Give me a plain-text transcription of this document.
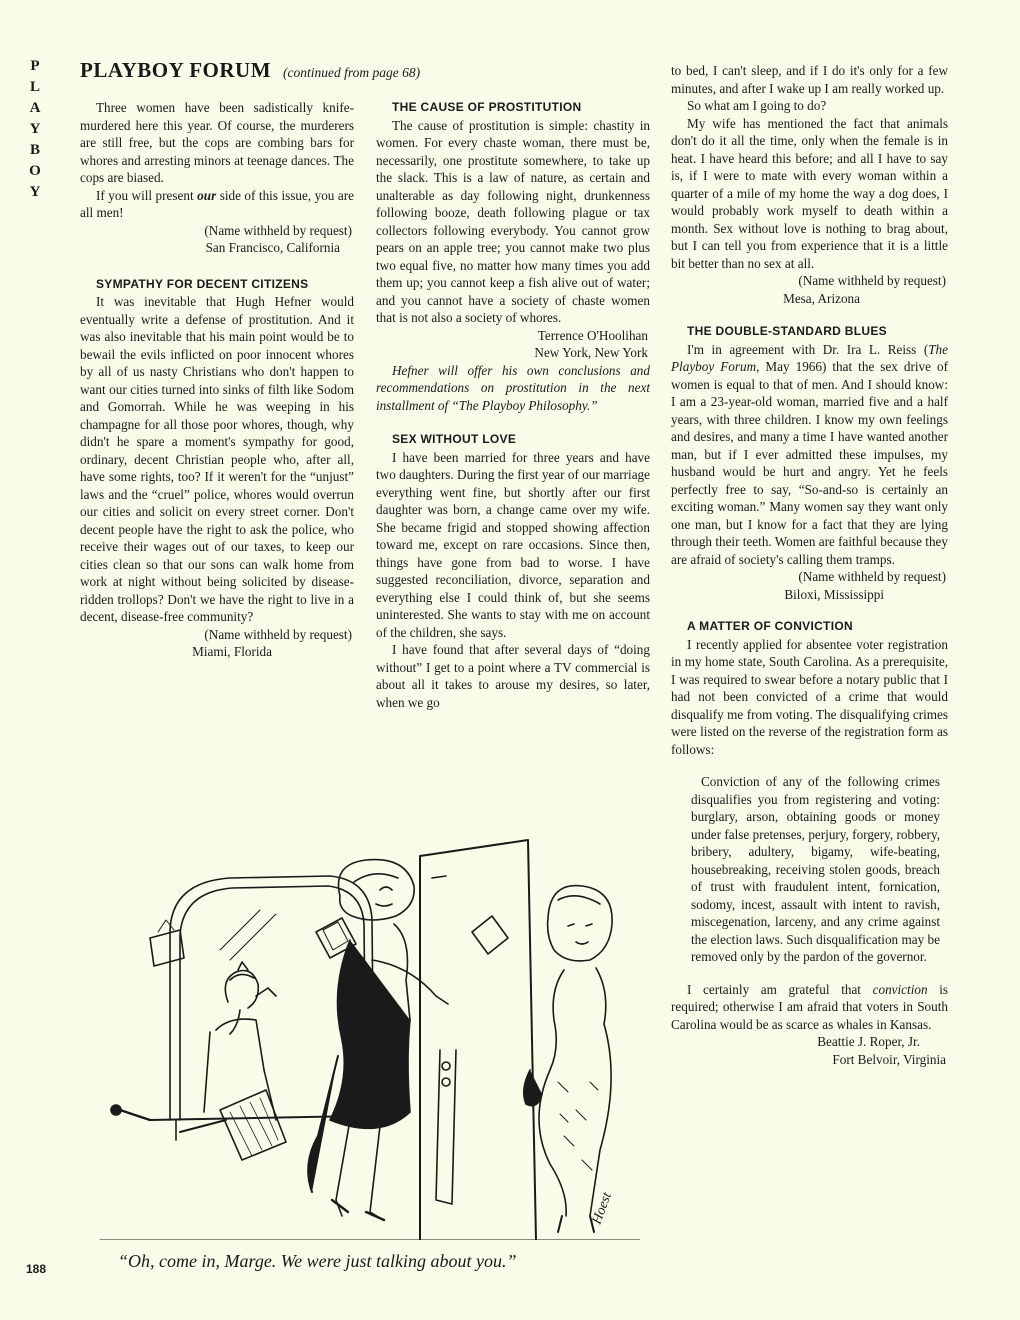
P
L
A
Y
B
O
Y
PLAYBOY FORUM (continued from page 68)

Three women have been sadistically knife-murdered here this year. Of course, the murderers are still free, but the cops are combing bars for whores and arresting minors at teenage dances. The cops are biased.

If you will present our side of this issue, you are all men!

(Name withheld by request)

San Francisco, California

SYMPATHY FOR DECENT CITIZENS

It was inevitable that Hugh Hefner would eventually write a defense of prostitution. And it was also inevitable that his main point would be to bewail the evils inflicted on poor innocent whores by all of us nasty Christians who don't happen to want our cities turned into sinks of filth like Sodom and Gomorrah. While he was weeping in his champagne for all those poor whores, though, why didn't he spare a moment's sympathy for good, ordinary, decent Christian people who, after all, have some rights, too? If it weren't for the “unjust” laws and the “cruel” police, whores would overrun our cities and solicit on every street corner. Don't decent people have the right to ask the police, who receive their wages out of our taxes, to keep our cities clean so that our sons can walk home from work at night without being solicited by disease-ridden trollops? Don't we have the right to live in a decent, disease-free community?

(Name withheld by request)

Miami, Florida

THE CAUSE OF PROSTITUTION

The cause of prostitution is simple: chastity in women. For every chaste woman, there must be, necessarily, one prostitute somewhere, to take up the slack. This is a law of nature, as certain and unalterable as day following night, drunkenness following booze, death following plague or tax collectors following everybody. You cannot grow pears on an apple tree; you cannot make two plus two equal five, no matter how many times you add them up; you cannot keep a fish alive out of water; and you cannot have a society of chaste women that is not also a society of whores.

Terrence O'Hoolihan

New York, New York

Hefner will offer his own conclusions and recommendations on prostitution in the next installment of “The Playboy Philosophy.”

SEX WITHOUT LOVE

I have been married for three years and have two daughters. During the first year of our marriage everything went fine, but shortly after our first daughter was born, a change came over my wife. She became frigid and stopped showing affection toward me, except on rare occasions. Since then, things have gone from bad to worse. I have suggested reconciliation, divorce, separation and everything else I could think of, but she seems uninterested. She wants to stay with me on account of the children, she says.

I have found that after several days of “doing without” I get to a point where a TV commercial is about all it takes to arouse my desires, so later, when we go

to bed, I can't sleep, and if I do it's only for a few minutes, and after I wake up I am really worked up.

So what am I going to do?

My wife has mentioned the fact that animals don't do it all the time, only when the female is in heat. I have heard this before; and all I have to say is, if I were to mate with every woman within a quarter of a mile of my home the way a dog does, I would probably work myself to death within a month. Sex without love is nothing to brag about, but I can tell you from experience that it is a little bit better than no sex at all.

(Name withheld by request)

Mesa, Arizona

THE DOUBLE-STANDARD BLUES

I'm in agreement with Dr. Ira L. Reiss (The Playboy Forum, May 1966) that the sex drive of women is equal to that of men. And I should know: I am a 23-year-old woman, married five and a half years, with three children. I know my own feelings and desires, and many a time I have wanted another man, but if I ever admitted these impulses, my husband would be hurt and angry. Yet he feels perfectly free to say, “So-and-so is certainly an exciting woman.” Many women say they want only one man, but I know for a fact that they are lying through their teeth. Women are faithful because they are afraid of society's calling them tramps.

(Name withheld by request)

Biloxi, Mississippi

A MATTER OF CONVICTION

I recently applied for absentee voter registration in my home state, South Carolina. As a prerequisite, I was required to swear before a notary public that I had not been convicted of a crime that would disqualify me from voting. The disqualifying crimes were listed on the reverse of the registration form as follows:

Conviction of any of the following crimes disqualifies you from registering and voting: burglary, arson, obtaining goods or money under false pretenses, perjury, forgery, robbery, bribery, adultery, bigamy, wife-beating, housebreaking, receiving stolen goods, breach of trust with fraudulent intent, fornication, sodomy, incest, assault with intent to ravish, miscegenation, larceny, and any crime against the election laws. Such disqualification may be removed only by the pardon of the governor.

I certainly am grateful that conviction is required; otherwise I am afraid that voters in South Carolina would be as scarce as whales in Kansas.

Beattie J. Roper, Jr.

Fort Belvoir, Virginia

Hoest
“Oh, come in, Marge. We were just talking about you.”
188
